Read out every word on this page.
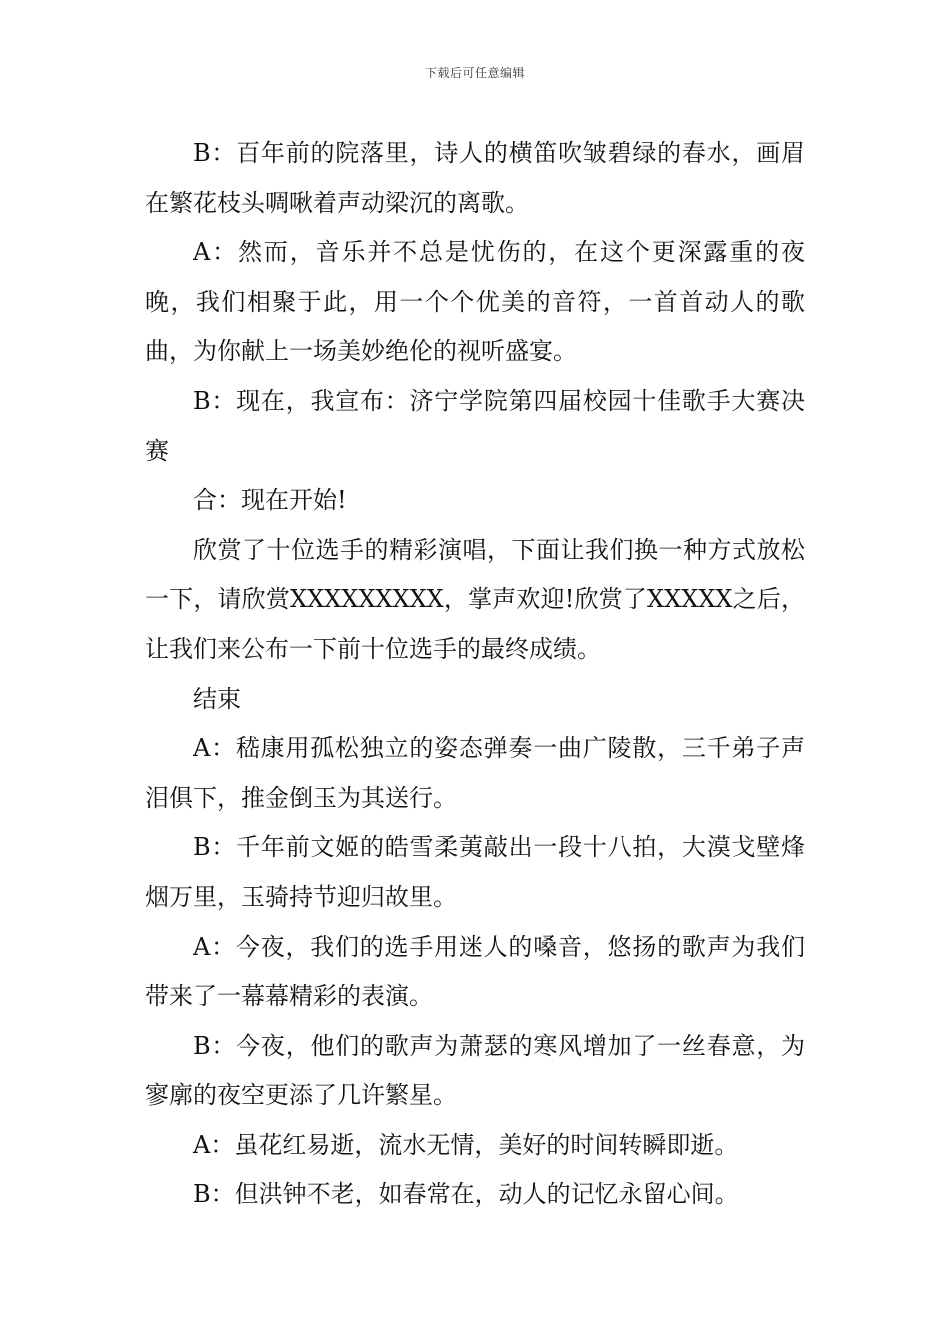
下载后可任意编辑

B：百年前的院落里，诗人的横笛吹皱碧绿的春水，画眉在繁花枝头啁啾着声动梁沉的离歌。

A：然而，音乐并不总是忧伤的，在这个更深露重的夜晚，我们相聚于此，用一个个优美的音符，一首首动人的歌曲，为你献上一场美妙绝伦的视听盛宴。

B：现在，我宣布：济宁学院第四届校园十佳歌手大赛决赛

合：现在开始!

欣赏了十位选手的精彩演唱，下面让我们换一种方式放松一下，请欣赏XXXXXXXXX，掌声欢迎!欣赏了XXXXX之后，让我们来公布一下前十位选手的最终成绩。

结束

A：嵇康用孤松独立的姿态弹奏一曲广陵散，三千弟子声泪俱下，推金倒玉为其送行。

B：千年前文姬的皓雪柔荑敲出一段十八拍，大漠戈壁烽烟万里，玉骑持节迎归故里。

A：今夜，我们的选手用迷人的嗓音，悠扬的歌声为我们带来了一幕幕精彩的表演。

B：今夜，他们的歌声为萧瑟的寒风增加了一丝春意，为寥廓的夜空更添了几许繁星。

A：虽花红易逝，流水无情，美好的时间转瞬即逝。

B：但洪钟不老，如春常在，动人的记忆永留心间。
